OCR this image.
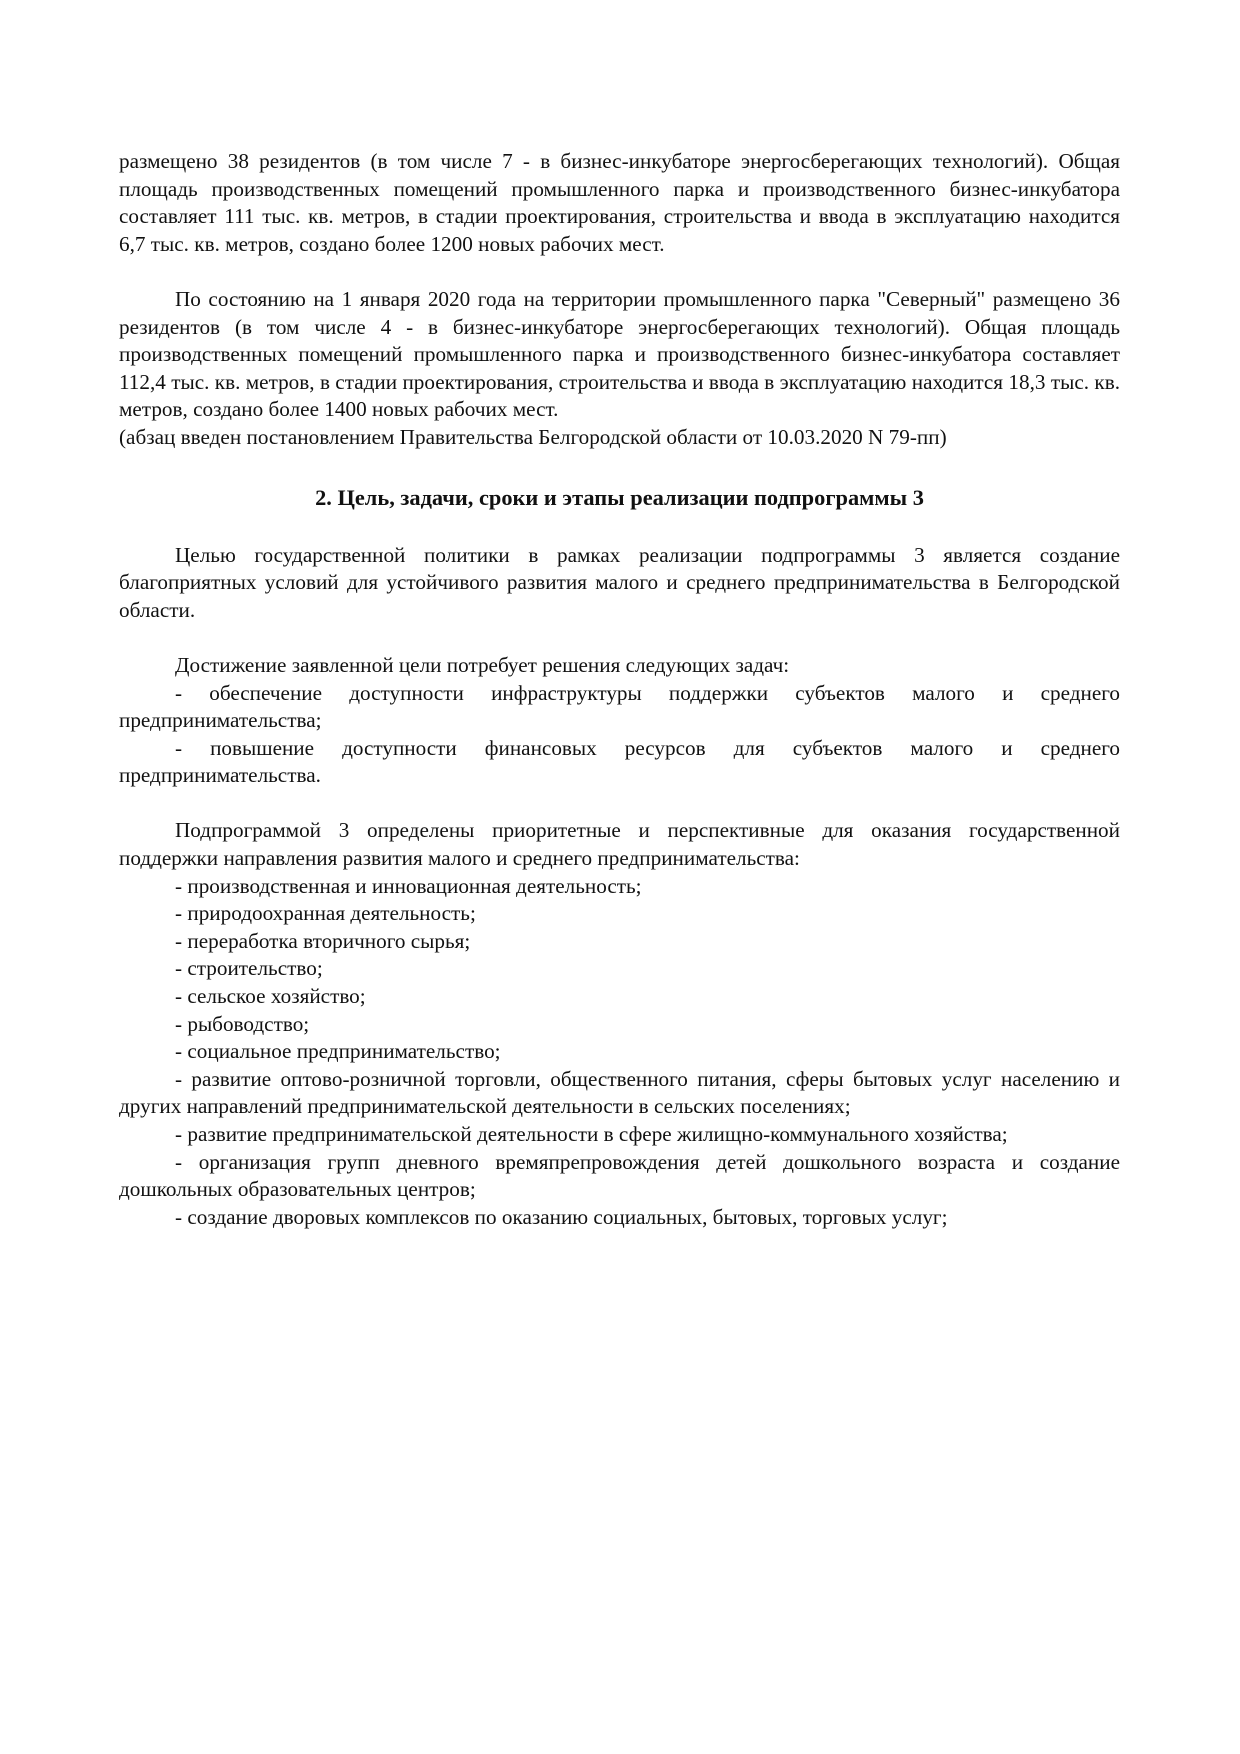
размещено 38 резидентов (в том числе 7 - в бизнес-инкубаторе энергосберегающих технологий). Общая площадь производственных помещений промышленного парка и производственного бизнес-инкубатора составляет 111 тыс. кв. метров, в стадии проектирования, строительства и ввода в эксплуатацию находится 6,7 тыс. кв. метров, создано более 1200 новых рабочих мест.

По состоянию на 1 января 2020 года на территории промышленного парка "Северный" размещено 36 резидентов (в том числе 4 - в бизнес-инкубаторе энергосберегающих технологий). Общая площадь производственных помещений промышленного парка и производственного бизнес-инкубатора составляет 112,4 тыс. кв. метров, в стадии проектирования, строительства и ввода в эксплуатацию находится 18,3 тыс. кв. метров, создано более 1400 новых рабочих мест.

(абзац введен постановлением Правительства Белгородской области от 10.03.2020 N 79-пп)

2. Цель, задачи, сроки и этапы реализации подпрограммы 3

Целью государственной политики в рамках реализации подпрограммы 3 является создание благоприятных условий для устойчивого развития малого и среднего предпринимательства в Белгородской области.

Достижение заявленной цели потребует решения следующих задач:

- обеспечение доступности инфраструктуры поддержки субъектов малого и среднего предпринимательства;

- повышение доступности финансовых ресурсов для субъектов малого и среднего предпринимательства.

Подпрограммой 3 определены приоритетные и перспективные для оказания государственной поддержки направления развития малого и среднего предпринимательства:

- производственная и инновационная деятельность;

- природоохранная деятельность;

- переработка вторичного сырья;

- строительство;

- сельское хозяйство;

- рыбоводство;

- социальное предпринимательство;

- развитие оптово-розничной торговли, общественного питания, сферы бытовых услуг населению и других направлений предпринимательской деятельности в сельских поселениях;

- развитие предпринимательской деятельности в сфере жилищно-коммунального хозяйства;

- организация групп дневного времяпрепровождения детей дошкольного возраста и создание дошкольных образовательных центров;

- создание дворовых комплексов по оказанию социальных, бытовых, торговых услуг;
